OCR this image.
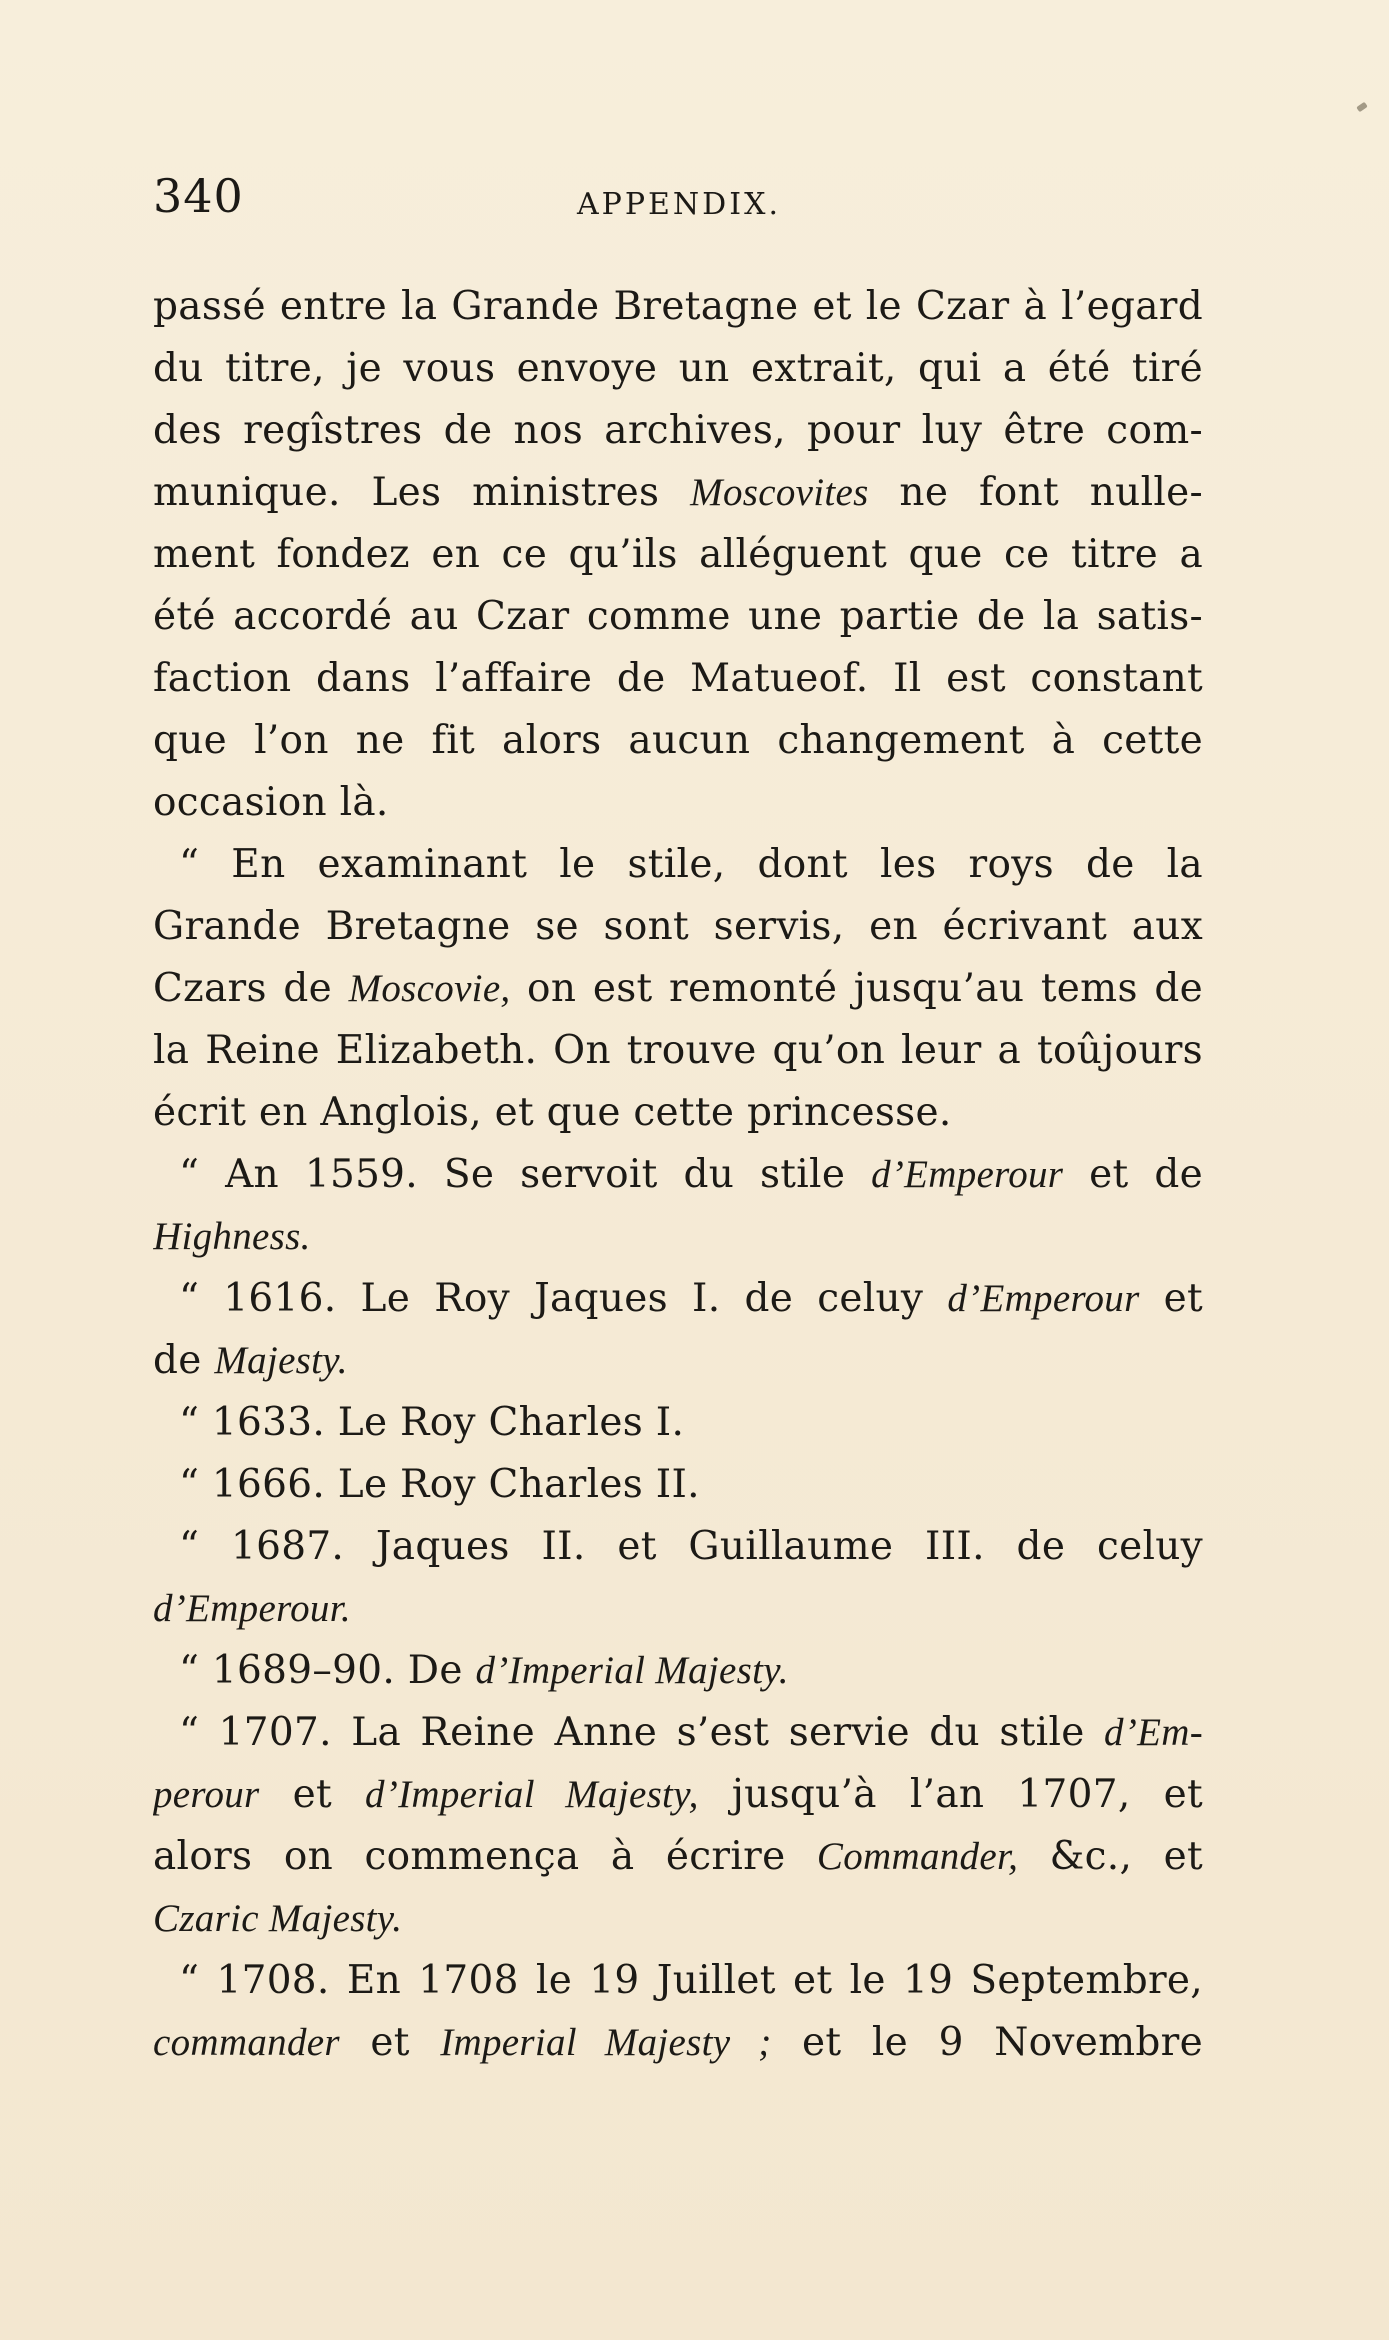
340	APPENDIX.
passé entre la Grande Bretagne et le Czar à l’egard
du titre, je vous envoye un extrait, qui a été tiré
des regîstres de nos archives, pour luy être com-
munique. Les ministres Moscovites ne font nulle-
ment fondez en ce qu’ils alléguent que ce titre a
été accordé au Czar comme une partie de la satis-
faction dans l’affaire de Matueof. Il est constant
que l’on ne fit alors aucun changement à cette
occasion là.
“ En examinant le stile, dont les roys de la
Grande Bretagne se sont servis, en écrivant aux
Czars de Moscovie, on est remonté jusqu’au tems de
la Reine Elizabeth. On trouve qu’on leur a toûjours
écrit en Anglois, et que cette princesse.
“ An 1559. Se servoit du stile d’Emperour et de
Highness.
“ 1616. Le Roy Jaques I. de celuy d’Emperour et
de Majesty.
“ 1633. Le Roy Charles I.
“ 1666. Le Roy Charles II.
“ 1687. Jaques II. et Guillaume III. de celuy
d’Emperour.
“ 1689–90. De d’Imperial Majesty.
“ 1707. La Reine Anne s’est servie du stile d’Em-
perour et d’Imperial Majesty, jusqu’à l’an 1707, et
alors on commença à écrire Commander, &c., et
Czaric Majesty.
“ 1708. En 1708 le 19 Juillet et le 19 Septembre,
commander et Imperial Majesty ; et le 9 Novembre
